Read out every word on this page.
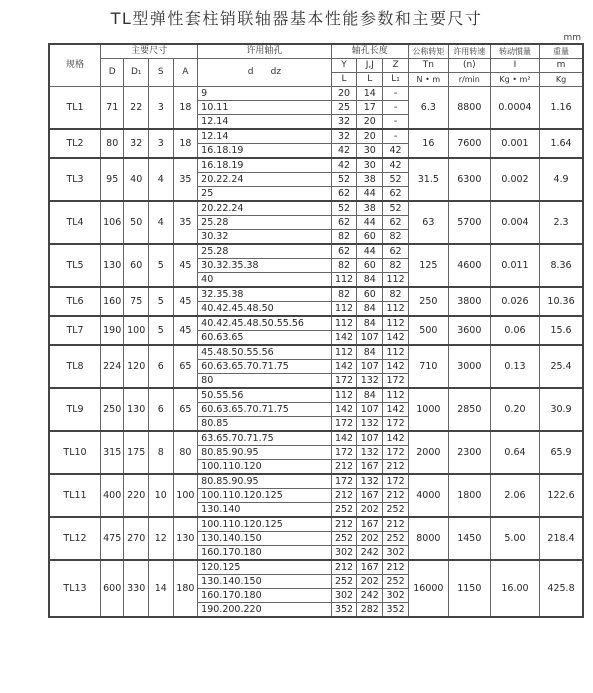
TL型弹性套柱销联轴器基本性能参数和主要尺寸
mm
规格	主要尺寸				许用轴孔	轴孔长度			公称转矩	许用转速	转动惯量	重量
	D	D₁	S	A	d      dz	Y	J,J	Z	Tn	(n)	I	m
						L	L	L₁	N • m	r/min	Kg • m²	Kg
TL1	71	22	3	18	9	20	14	-	6.3	8800	0.0004	1.16
					10.11	25	17	-				
					12.14	32	20	-				
TL2	80	32	3	18	12.14	32	20	-	16	7600	0.001	1.64
					16.18.19	42	30	42				
TL3	95	40	4	35	16.18.19	42	30	42	31.5	6300	0.002	4.9
					20.22.24	52	38	52				
					25	62	44	62				
TL4	106	50	4	35	20.22.24	52	38	52	63	5700	0.004	2.3
					25.28	62	44	62				
					30.32	82	60	82				
TL5	130	60	5	45	25.28	62	44	62	125	4600	0.011	8.36
					30.32.35.38	82	60	82				
					40	112	84	112				
TL6	160	75	5	45	32.35.38	82	60	82	250	3800	0.026	10.36
					40.42.45.48.50	112	84	112				
TL7	190	100	5	45	40.42.45.48.50.55.56	112	84	112	500	3600	0.06	15.6
					60.63.65	142	107	142				
TL8	224	120	6	65	45.48.50.55.56	112	84	112	710	3000	0.13	25.4
					60.63.65.70.71.75	142	107	142				
					80	172	132	172				
TL9	250	130	6	65	50.55.56	112	84	112	1000	2850	0.20	30.9
					60.63.65.70.71.75	142	107	142				
					80.85	172	132	172				
TL10	315	175	8	80	63.65.70.71.75	142	107	142	2000	2300	0.64	65.9
					80.85.90.95	172	132	172				
					100.110.120	212	167	212				
TL11	400	220	10	100	80.85.90.95	172	132	172	4000	1800	2.06	122.6
					100.110.120.125	212	167	212				
					130.140	252	202	252				
TL12	475	270	12	130	100.110.120.125	212	167	212	8000	1450	5.00	218.4
					130.140.150	252	202	252				
					160.170.180	302	242	302				
TL13	600	330	14	180	120.125	212	167	212	16000	1150	16.00	425.8
					130.140.150	252	202	252				
					160.170.180	302	242	302				
					190.200.220	352	282	352				
